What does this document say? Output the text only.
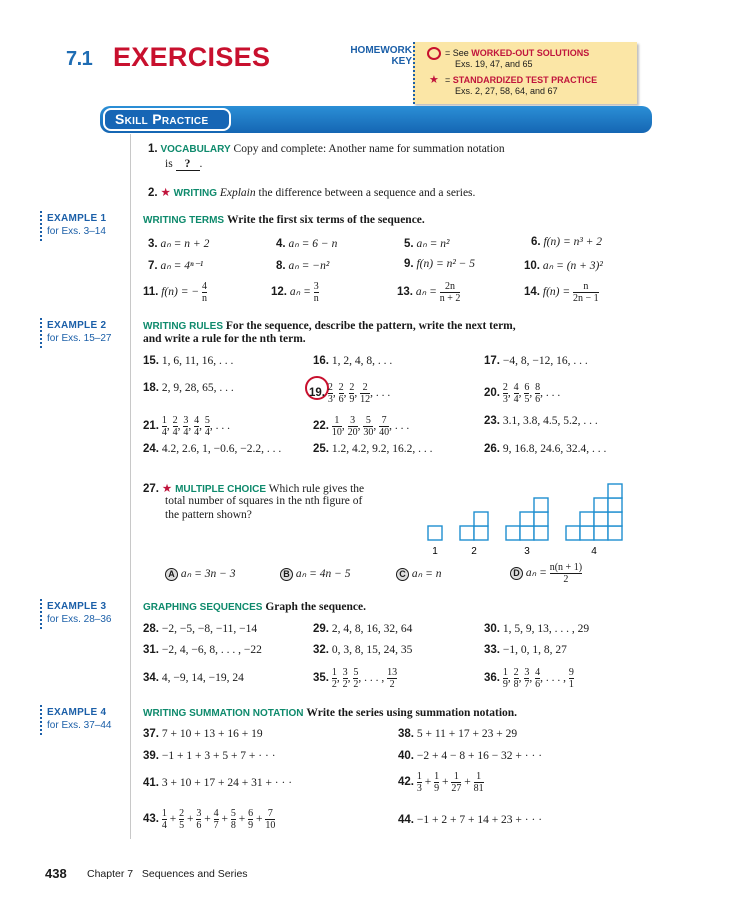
7.1 EXERCISES	HOMEWORK
KEY
= See WORKED-OUT SOLUTIONS
Exs. 19, 47, and 65
★ = STANDARDIZED TEST PRACTICE
Exs. 2, 27, 58, 64, and 67
Skill Practice
EXAMPLE 1
for Exs. 3–14
EXAMPLE 2
for Exs. 15–27
EXAMPLE 3
for Exs. 28–36
EXAMPLE 4
for Exs. 37–44
1. VOCABULARY Copy and complete: Another name for summation notation
is ? .
2. ★ WRITING Explain the difference between a sequence and a series.
WRITING TERMS Write the first six terms of the sequence.
3. aₙ = n + 2	4. aₙ = 6 − n	5. aₙ = n²	6. f(n) = n³ + 2
7. aₙ = 4ⁿ⁻¹	8. aₙ = −n²	9. f(n) = n² − 5	10. aₙ = (n + 3)²
11. f(n) = − $\frac{4}{n}$	12. $a_n = \frac{3}{n}$	13. $a_n = \frac{2n}{n + 2}$	14. $f(n) = \frac{n}{2n - 1}$
WRITING RULES For the sequence, describe the pattern, write the next term,
and write a rule for the nth term.
15. 1, 6, 11, 16, . . .	16. 1, 2, 4, 8, . . .	17. −4, 8, −12, 16, . . .
18. 2, 9, 28, 65, . . .	19. $\frac{2}{3}$ , $\frac{2}{6}$ , $\frac{2}{9}$ , $\frac{2}{12}$ , . . .	20. $\frac{2}{3}$ , $\frac{4}{4}$ , $\frac{6}{5}$ , $\frac{8}{6}$ , . . .
21. $\frac{1}{4}$ , $\frac{2}{4}$ , $\frac{3}{4}$ , $\frac{4}{4}$ , $\frac{5}{4}$ , . . .	22. $\frac{1}{10}$ , $\frac{3}{20}$ , $\frac{5}{30}$ , $\frac{7}{40}$ , . . .	23. 3.1, 3.8, 4.5, 5.2, . . .
24. 4.2, 2.6, 1, −0.6, −2.2, . . .	25. 1.2, 4.2, 9.2, 16.2, . . .	26. 9, 16.8, 24.6, 32.4, . . .
27. ★ MULTIPLE CHOICE Which rule gives the
total number of squares in the nth figure of
the pattern shown?
1	2	3	4
A aₙ = 3n − 3	B aₙ = 4n − 5	C aₙ = n	D $a_n = \frac{n(n + 1)}{2}$
GRAPHING SEQUENCES Graph the sequence.
28. −2, −5, −8, −11, −14	29. 2, 4, 8, 16, 32, 64	30. 1, 5, 9, 13, . . . , 29
31. −2, 4, −6, 8, . . . , −22	32. 0, 3, 8, 15, 24, 35	33. −1, 0, 1, 8, 27
34. 4, −9, 14, −19, 24	35. $\frac{1}{2}$ , $\frac{3}{2}$ , $\frac{5}{2}$ , . . . , $\frac{13}{2}$	36. $\frac{1}{9}$ , $\frac{2}{8}$ , $\frac{3}{7}$ , $\frac{4}{6}$ , . . . , $\frac{9}{1}$
WRITING SUMMATION NOTATION Write the series using summation notation.
37. 7 + 10 + 13 + 16 + 19	38. 5 + 11 + 17 + 23 + 29
39. −1 + 1 + 3 + 5 + 7 + · · ·	40. −2 + 4 − 8 + 16 − 32 + · · ·
41. 3 + 10 + 17 + 24 + 31 + · · ·	42. $\frac{1}{3} + \frac{1}{9} + \frac{1}{27} + \frac{1}{81}$
43. $\frac{1}{4} + \frac{2}{5} + \frac{3}{6} + \frac{4}{7} + \frac{5}{8} + \frac{6}{9} + \frac{7}{10}$	44. −1 + 2 + 7 + 14 + 23 + · · ·
438 Chapter 7 Sequences and Series
